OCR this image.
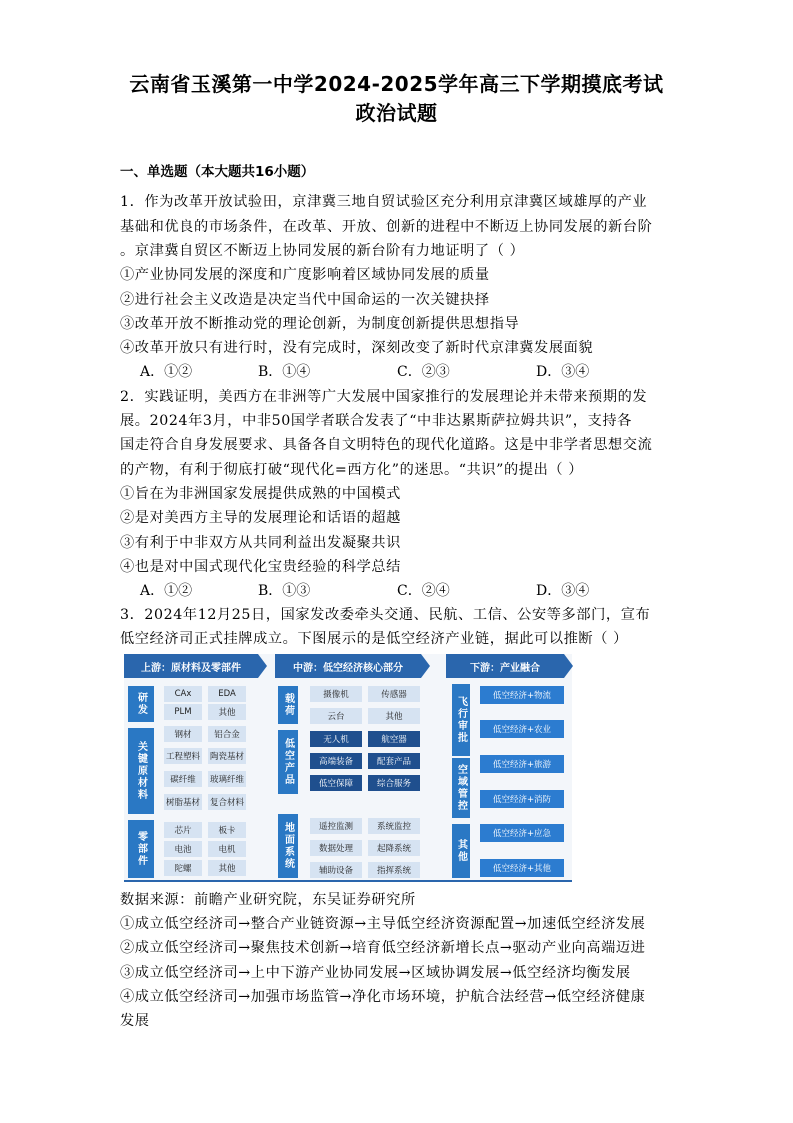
云南省玉溪第一中学2024-2025学年高三下学期摸底考试
政治试题
一、单选题（本大题共16小题）
1．作为改革开放试验田，京津冀三地自贸试验区充分利用京津冀区域雄厚的产业
基础和优良的市场条件，在改革、开放、创新的进程中不断迈上协同发展的新台阶
。京津冀自贸区不断迈上协同发展的新台阶有力地证明了（ ）
①产业协同发展的深度和广度影响着区域协同发展的质量
②进行社会主义改造是决定当代中国命运的一次关键抉择
③改革开放不断推动党的理论创新，为制度创新提供思想指导
④改革开放只有进行时，没有完成时，深刻改变了新时代京津冀发展面貌
A．①②	B．①④	C．②③	D．③④
2．实践证明，美西方在非洲等广大发展中国家推行的发展理论并未带来预期的发
展。2024年3月，中非50国学者联合发表了“中非达累斯萨拉姆共识”，支持各
国走符合自身发展要求、具备各自文明特色的现代化道路。这是中非学者思想交流
的产物，有利于彻底打破“现代化=西方化”的迷思。“共识”的提出（ ）
①旨在为非洲国家发展提供成熟的中国模式
②是对美西方主导的发展理论和话语的超越
③有利于中非双方从共同利益出发凝聚共识
④也是对中国式现代化宝贵经验的科学总结
A．①②	B．①③	C．②④	D．③④
3．2024年12月25日，国家发改委牵头交通、民航、工信、公安等多部门，宣布
低空经济司正式挂牌成立。下图展示的是低空经济产业链，据此可以推断（ ）
上游：原材料及零部件	中游：低空经济核心部分	下游：产业融合
研发	CAx	EDA
PLM	其他
关键原材料
钢材	铝合金
工程塑料 陶瓷基材
碳纤维	玻璃纤维
树脂基材 复合材料
零部件	芯片	板卡
电池	电机
陀螺	其他
载荷	摄像机	传感器
云台	其他
低空产品	无人机	航空器
高端装备	配套产品
低空保障	综合服务
地面系统	遥控监测	系统监控
数据处理	起降系统
辅助设备	指挥系统
飞行审批	低空经济+物流
低空经济+农业
空域管控	低空经济+旅游
低空经济+消防
其他
低空经济+应急
低空经济+其他
数据来源：前瞻产业研究院，东吴证券研究所
①成立低空经济司→整合产业链资源→主导低空经济资源配置→加速低空经济发展
②成立低空经济司→聚焦技术创新→培育低空经济新增长点→驱动产业向高端迈进
③成立低空经济司→上中下游产业协同发展→区域协调发展→低空经济均衡发展
④成立低空经济司→加强市场监管→净化市场环境，护航合法经营→低空经济健康
发展
